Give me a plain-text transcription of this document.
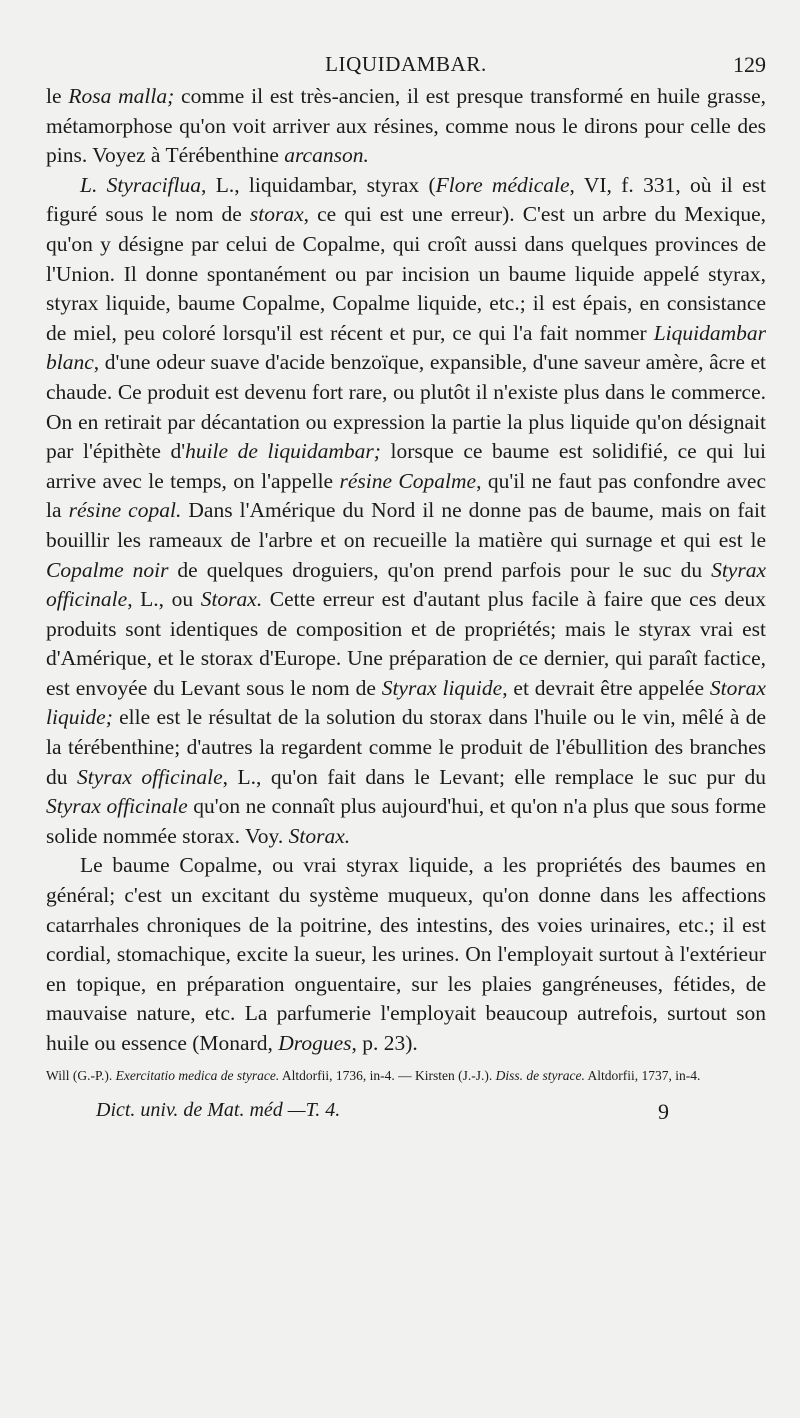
LIQUIDAMBAR.	129

le Rosa malla; comme il est très-ancien, il est presque transformé en huile grasse, métamorphose qu'on voit arriver aux résines, comme nous le dirons pour celle des pins. Voyez à Térébenthine arcanson.

L. Styraciflua, L., liquidambar, styrax (Flore médicale, VI, f. 331, où il est figuré sous le nom de storax, ce qui est une erreur). C'est un arbre du Mexique, qu'on y désigne par celui de Copalme, qui croît aussi dans quelques provinces de l'Union. Il donne spontanément ou par incision un baume liquide appelé styrax, styrax liquide, baume Copalme, Copalme liquide, etc.; il est épais, en consistance de miel, peu coloré lorsqu'il est récent et pur, ce qui l'a fait nommer Liquidambar blanc, d'une odeur suave d'acide benzoïque, expansible, d'une saveur amère, âcre et chaude. Ce produit est devenu fort rare, ou plutôt il n'existe plus dans le commerce. On en retirait par décantation ou expression la partie la plus liquide qu'on désignait par l'épithète d'huile de liquidambar; lorsque ce baume est solidifié, ce qui lui arrive avec le temps, on l'appelle résine Copalme, qu'il ne faut pas confondre avec la résine copal. Dans l'Amérique du Nord il ne donne pas de baume, mais on fait bouillir les rameaux de l'arbre et on recueille la matière qui surnage et qui est le Copalme noir de quelques droguiers, qu'on prend parfois pour le suc du Styrax officinale, L., ou Storax. Cette erreur est d'autant plus facile à faire que ces deux produits sont identiques de composition et de propriétés; mais le styrax vrai est d'Amérique, et le storax d'Europe. Une préparation de ce dernier, qui paraît factice, est envoyée du Levant sous le nom de Styrax liquide, et devrait être appelée Storax liquide; elle est le résultat de la solution du storax dans l'huile ou le vin, mêlé à de la térébenthine; d'autres la regardent comme le produit de l'ébullition des branches du Styrax officinale, L., qu'on fait dans le Levant; elle remplace le suc pur du Styrax officinale qu'on ne connaît plus aujourd'hui, et qu'on n'a plus que sous forme solide nommée storax. Voy. Storax.

Le baume Copalme, ou vrai styrax liquide, a les propriétés des baumes en général; c'est un excitant du système muqueux, qu'on donne dans les affections catarrhales chroniques de la poitrine, des intestins, des voies urinaires, etc.; il est cordial, stomachique, excite la sueur, les urines. On l'employait surtout à l'extérieur en topique, en préparation onguentaire, sur les plaies gangréneuses, fétides, de mauvaise nature, etc. La parfumerie l'employait beaucoup autrefois, surtout son huile ou essence (Monard, Drogues, p. 23).

Will (G.-P.). Exercitatio medica de styrace. Altdorfii, 1736, in-4. — Kirsten (J.-J.). Diss. de styrace. Altdorfii, 1737, in-4.
Dict. univ. de Mat. méd —T. 4.	9
